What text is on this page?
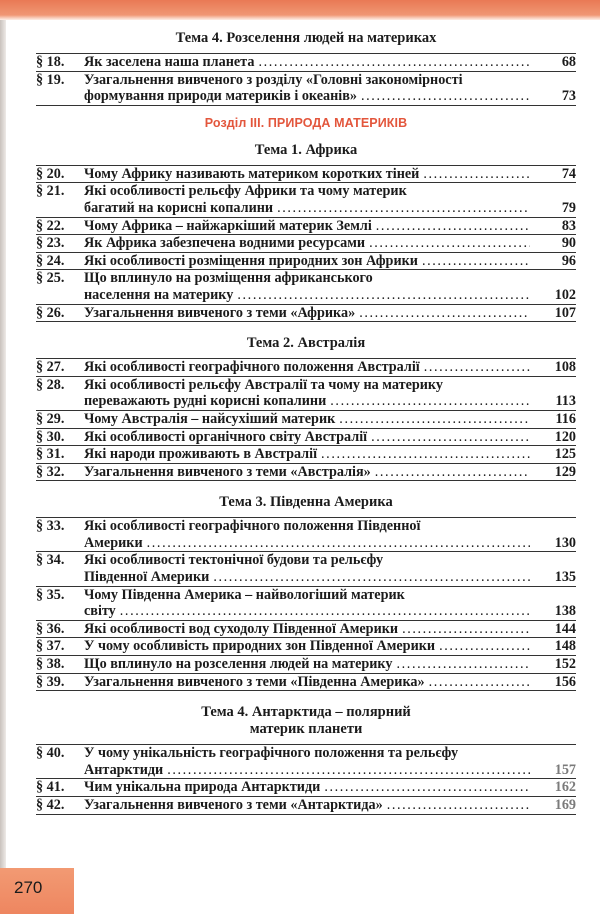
Тема 4. Розселення людей на материках
§ 18.	Як заселена наша планета .....	68
§ 19.	Узагальнення вивченого з розділу «Головні закономірності
формування природи материків і океанів» .....	73
Розділ III. ПРИРОДА МАТЕРИКІВ
Тема 1. Африка
§ 20.	Чому Африку називають материком коротких тіней .....	74
§ 21.	Які особливості рельєфу Африки та чому материк
багатий на корисні копалини .....	79
§ 22.	Чому Африка – найжаркіший материк Землі .....	83
§ 23.	Як Африка забезпечена водними ресурсами .....	90
§ 24.	Які особливості розміщення природних зон Африки .....	96
§ 25.	Що вплинуло на розміщення африканського
населення на материку .....	102
§ 26.	Узагальнення вивченого з теми «Африка» .....	107
Тема 2. Австралія
§ 27.	Які особливості географічного положення Австралії .....	108
§ 28.	Які особливості рельєфу Австралії та чому на материку
переважають рудні корисні копалини .....	113
§ 29.	Чому Австралія – найсухіший материк .....	116
§ 30.	Які особливості органічного світу Австралії .....	120
§ 31.	Які народи проживають в Австралії .....	125
§ 32.	Узагальнення вивченого з теми «Австралія» .....	129
Тема 3. Південна Америка
§ 33.	Які особливості географічного положення Південної
Америки .....	130
§ 34.	Які особливості тектонічної будови та рельєфу
Південної Америки .....	135
§ 35.	Чому Південна Америка – найвологіший материк
світу .....	138
§ 36.	Які особливості вод суходолу Південної Америки .....	144
§ 37.	У чому особливість природних зон Південної Америки .....	148
§ 38.	Що вплинуло на розселення людей на материку .....	152
§ 39.	Узагальнення вивченого з теми «Південна Америка» .....	156
Тема 4. Антарктида – полярний
материк планети
§ 40.	У чому унікальність географічного положення та рельєфу
Антарктиди .....	157
§ 41.	Чим унікальна природа Антарктиди .....	162
§ 42.	Узагальнення вивченого з теми «Антарктида» .....	169
270
